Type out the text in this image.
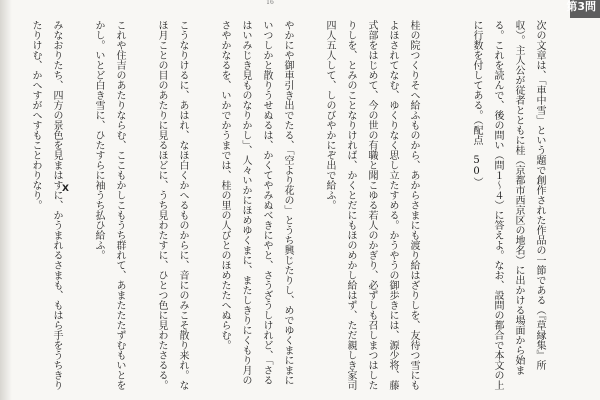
16	第3問

次の文章は、「車中雪」という題で創作された作品の一節である（『草縁集』所収）。主人公が従者とともに桂（京都市西京区の地名）に出かける場面から始まる。これを読んで、後の問い（問１〜４）に答えよ。なお、設問の都合で本文の上に行数を付してある。（配点　50）

桂の院つくりそへ給ふものから、あからさまにも渡り給はざりしを、友待つ雪にもよほされてなむ、ゆくりなく思し立たすめる。かうやうの御歩きには、源少将、藤式部をはじめて、今の世の有職と聞こゆる若人のかぎり、必ずしも召しまつはしたりしを、とみのことなりければ、かくとだにもほのめかし給はず、ただ親しき家司四人五人して、しのびやかにぞ出で給ふ。

やかにや御車引き出でたる、「空より花の」とうち興じたりし、めでゆくまにまにいつしかと散りうせぬるは、かくてやみぬべきにやと、さうざうしけれど、「さるはいみじき見ものなりかし」、人々いかにほめゆくまに、またしきりにくもり月のさやかなるを、いかでかうまでは、桂の里の人びとのほめたたへぬらむ。

こうなりけるに、あはれ、なほ白くかへるものからに、音にのみこそ散り来れ。なほ月ことの目のあたりに見るほどに、うち見わたすに、ひとつ色に見わたさるる。

これや住吉のあたりならむ、ここもかしこもうち群れて、あまたたたずむもいとをかし。いとど白き雪に、ひたすらに袖うち払ひ給ふ。

みなおりたち、四方の景色を見まはすに、かうまれるさまも、もはら手をうちきりたりけむ、かへすがへすもことわりなり。

	X
